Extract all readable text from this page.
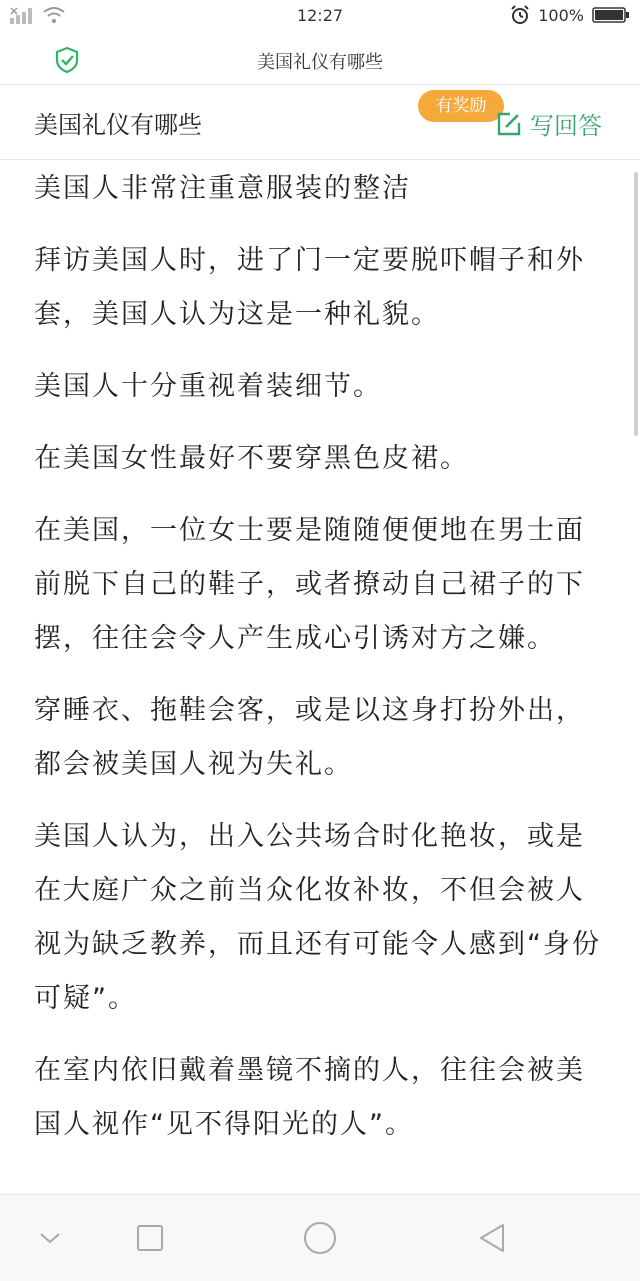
12:27	100%
美国礼仪有哪些
美国礼仪有哪些
有奖励
写回答

美国人非常注重意服装的整洁

拜访美国人时，进了门一定要脱吓帽子和外套，美国人认为这是一种礼貌。

美国人十分重视着装细节。

在美国女性最好不要穿黑色皮裙。

在美国，一位女士要是随随便便地在男士面前脱下自己的鞋子，或者撩动自己裙子的下摆，往往会令人产生成心引诱对方之嫌。

穿睡衣、拖鞋会客，或是以这身打扮外出，都会被美国人视为失礼。

美国人认为，出入公共场合时化艳妆，或是在大庭广众之前当众化妆补妆，不但会被人视为缺乏教养，而且还有可能令人感到“身份可疑”。

在室内依旧戴着墨镜不摘的人，往往会被美国人视作“见不得阳光的人”。
